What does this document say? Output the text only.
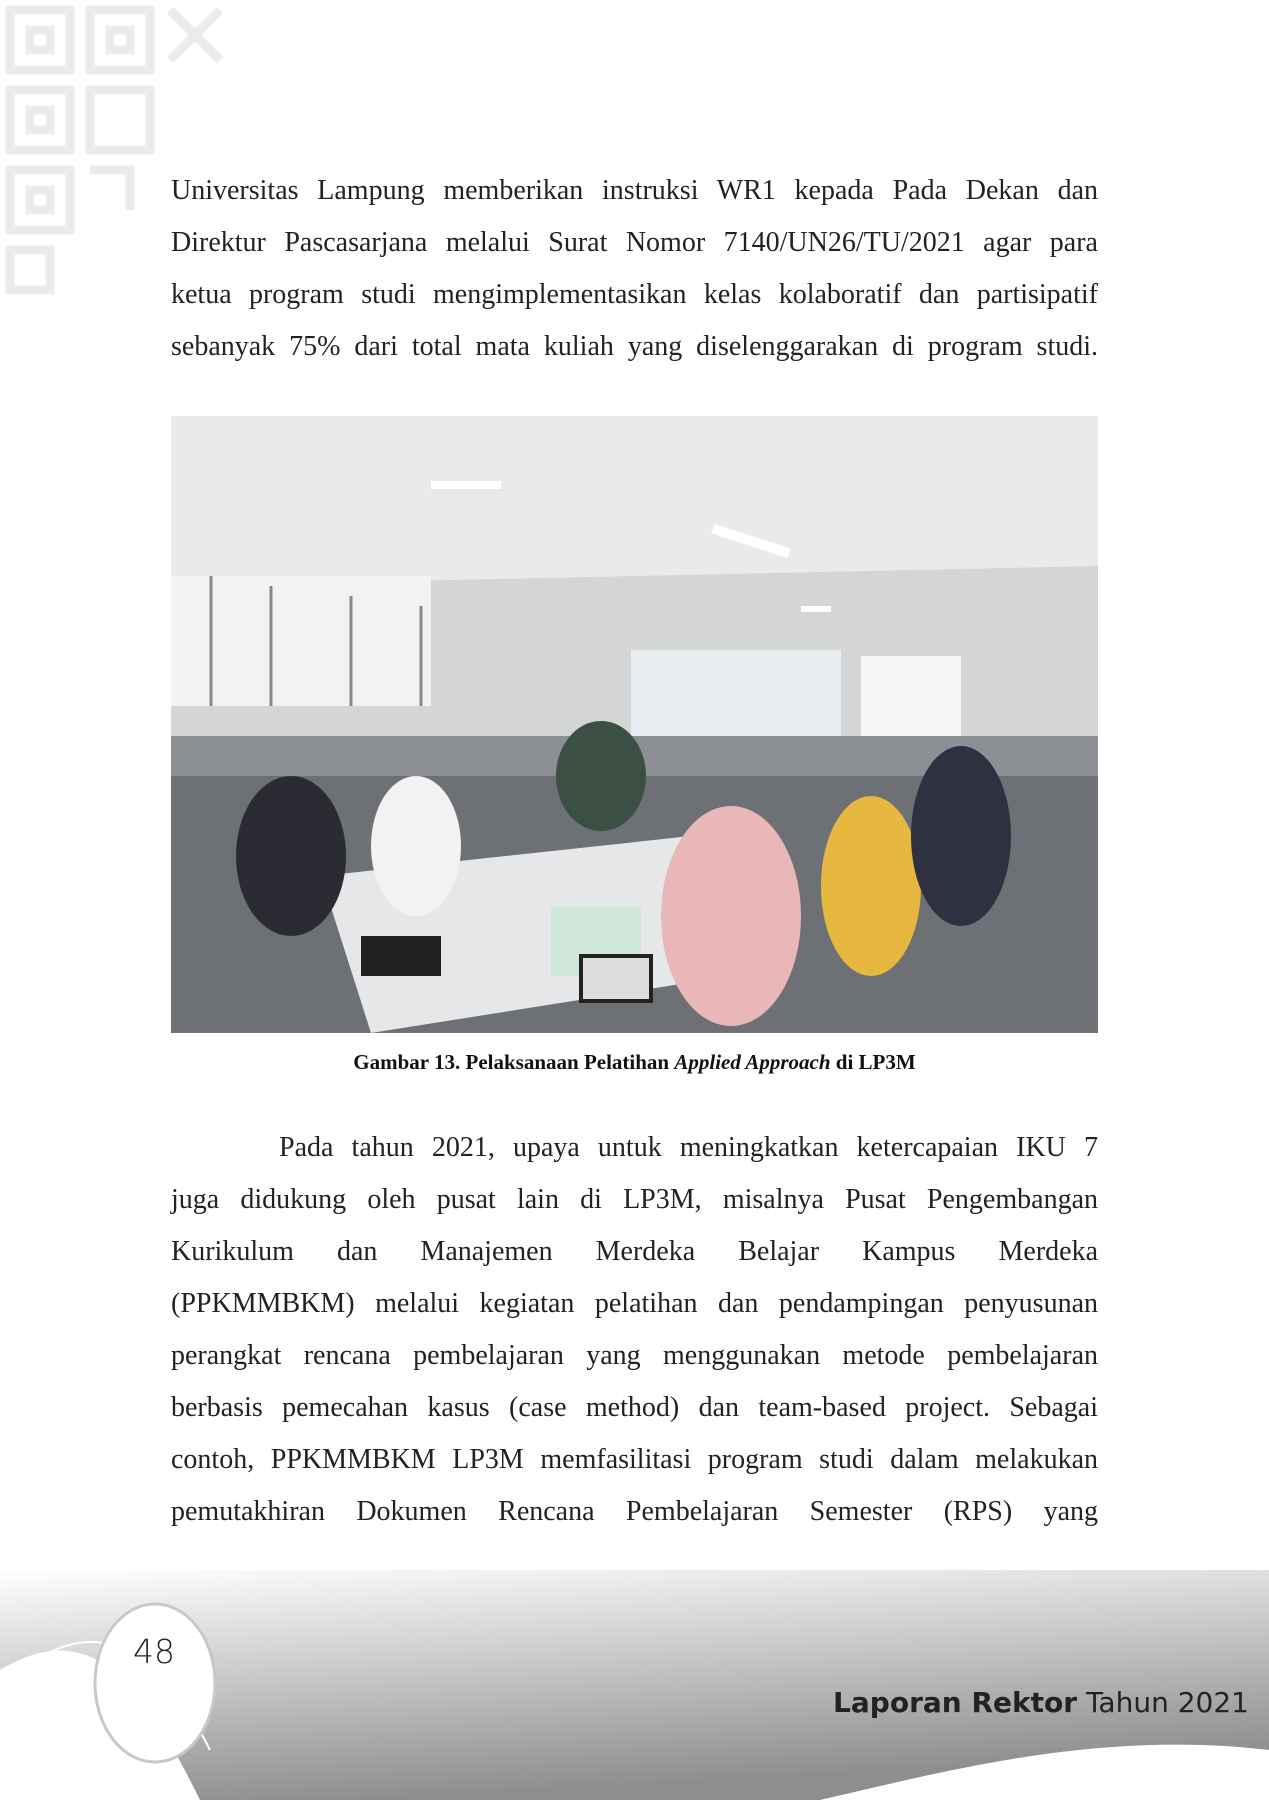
Universitas Lampung memberikan instruksi WR1 kepada Pada Dekan dan
Direktur Pascasarjana melalui Surat Nomor 7140/UN26/TU/2021 agar para
ketua program studi mengimplementasikan kelas kolaboratif dan partisipatif
sebanyak 75% dari total mata kuliah yang diselenggarakan di program studi.
Gambar 13. Pelaksanaan Pelatihan Applied Approach di LP3M
Pada tahun 2021, upaya untuk meningkatkan ketercapaian IKU 7
juga didukung oleh pusat lain di LP3M, misalnya Pusat Pengembangan
Kurikulum dan Manajemen Merdeka Belajar Kampus Merdeka
(PPKMMBKM) melalui kegiatan pelatihan dan pendampingan penyusunan
perangkat rencana pembelajaran yang menggunakan metode pembelajaran
berbasis pemecahan kasus (case method) dan team-based project. Sebagai
contoh, PPKMMBKM LP3M memfasilitasi program studi dalam melakukan
pemutakhiran Dokumen Rencana Pembelajaran Semester (RPS) yang
48
Laporan Rektor Tahun 2021
